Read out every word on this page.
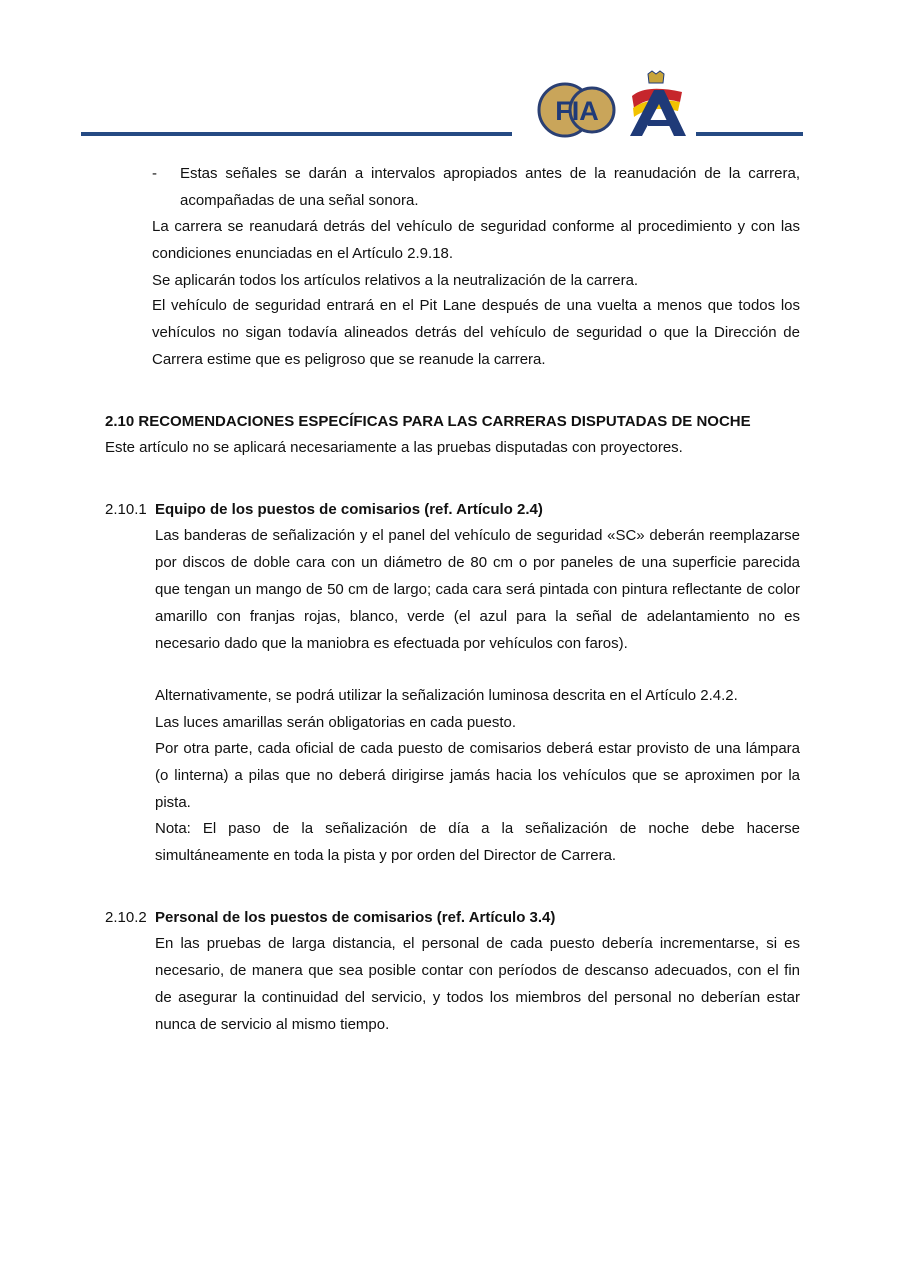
FIA
- Estas señales se darán a intervalos apropiados antes de la reanudación de la carrera, acompañadas de una señal sonora.
La carrera se reanudará detrás del vehículo de seguridad conforme al procedimiento y con las condiciones enunciadas en el Artículo 2.9.18.
Se aplicarán todos los artículos relativos a la neutralización de la carrera.
El vehículo de seguridad entrará en el Pit Lane después de una vuelta a menos que todos los vehículos no sigan todavía alineados detrás del vehículo de seguridad o que la Dirección de Carrera estime que es peligroso que se reanude la carrera.
2.10 RECOMENDACIONES ESPECÍFICAS PARA LAS CARRERAS DISPUTADAS DE NOCHE
Este artículo no se aplicará necesariamente a las pruebas disputadas con proyectores.
2.10.1 Equipo de los puestos de comisarios (ref. Artículo 2.4)
Las banderas de señalización y el panel del vehículo de seguridad «SC» deberán reemplazarse por discos de doble cara con un diámetro de 80 cm o por paneles de una superficie parecida que tengan un mango de 50 cm de largo; cada cara será pintada con pintura reflectante de color amarillo con franjas rojas, blanco, verde (el azul para la señal de adelantamiento no es necesario dado que la maniobra es efectuada por vehículos con faros).
Alternativamente, se podrá utilizar la señalización luminosa descrita en el Artículo 2.4.2.
Las luces amarillas serán obligatorias en cada puesto.
Por otra parte, cada oficial de cada puesto de comisarios deberá estar provisto de una lámpara (o linterna) a pilas que no deberá dirigirse jamás hacia los vehículos que se aproximen por la pista.
Nota: El paso de la señalización de día a la señalización de noche debe hacerse simultáneamente en toda la pista y por orden del Director de Carrera.
2.10.2 Personal de los puestos de comisarios (ref. Artículo 3.4)
En las pruebas de larga distancia, el personal de cada puesto debería incrementarse, si es necesario, de manera que sea posible contar con períodos de descanso adecuados, con el fin de asegurar la continuidad del servicio, y todos los miembros del personal no deberían estar nunca de servicio al mismo tiempo.
